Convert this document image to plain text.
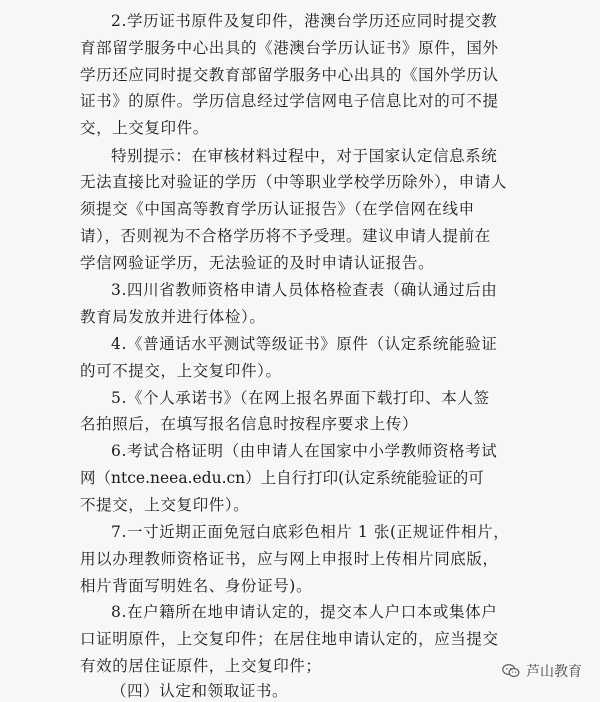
2.学历证书原件及复印件，港澳台学历还应同时提交教
育部留学服务中心出具的《港澳台学历认证书》原件，国外
学历还应同时提交教育部留学服务中心出具的《国外学历认
证书》的原件。学历信息经过学信网电子信息比对的可不提
交，上交复印件。
特别提示：在审核材料过程中，对于国家认定信息系统
无法直接比对验证的学历（中等职业学校学历除外），申请人
须提交《中国高等教育学历认证报告》（在学信网在线申
请），否则视为不合格学历将不予受理。建议申请人提前在
学信网验证学历，无法验证的及时申请认证报告。
3.四川省教师资格申请人员体格检查表（确认通过后由
教育局发放并进行体检）。
4.《普通话水平测试等级证书》原件（认定系统能验证
的可不提交，上交复印件）。
5.《个人承诺书》（在网上报名界面下载打印、本人签
名拍照后，在填写报名信息时按程序要求上传）
6.考试合格证明（由申请人在国家中小学教师资格考试
网（ntce.neea.edu.cn）上自行打印(认定系统能验证的可
不提交，上交复印件）。
7.一寸近期正面免冠白底彩色相片 1 张(正规证件相片，
用以办理教师资格证书，应与网上申报时上传相片同底版，
相片背面写明姓名、身份证号)。
8.在户籍所在地申请认定的，提交本人户口本或集体户
口证明原件，上交复印件；在居住地申请认定的，应当提交
有效的居住证原件，上交复印件；
（四）认定和领取证书。
芦山教育
